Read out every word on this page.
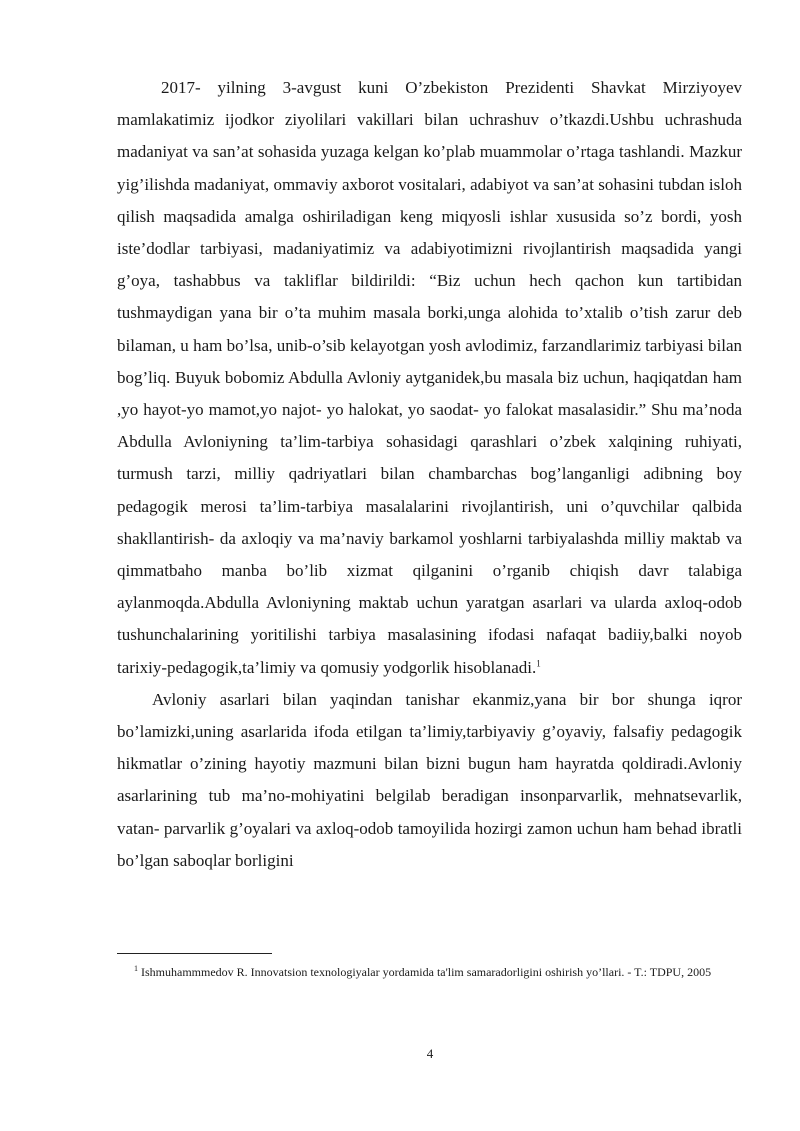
2017- yilning 3-avgust kuni O’zbekiston Prezidenti Shavkat Mirziyoyev mamlakatimiz ijodkor ziyolilari vakillari bilan uchrashuv o’tkazdi.Ushbu uchrashuda madaniyat va san’at sohasida yuzaga kelgan ko’plab muammolar o’rtaga tashlandi. Mazkur yig’ilishda madaniyat, ommaviy axborot vositalari, adabiyot va san’at sohasini tubdan isloh qilish maqsadida amalga oshiriladigan keng miqyosli ishlar xususida so’z bordi, yosh iste’dodlar tarbiyasi, madaniyatimiz va adabiyotimizni rivojlantirish maqsadida yangi g’oya, tashabbus va takliflar bildirildi: “Biz uchun hech qachon kun tartibidan tushmaydigan yana bir o’ta muhim masala borki,unga alohida to’xtalib o’tish zarur deb bilaman, u ham bo’lsa, unib-o’sib kelayotgan yosh avlodimiz, farzandlarimiz tarbiyasi bilan bog’liq. Buyuk bobomiz Abdulla Avloniy aytganidek,bu masala biz uchun, haqiqatdan ham ,yo hayot-yo mamot,yo najot- yo halokat, yo saodat- yo falokat masalasidir.” Shu ma’noda Abdulla Avloniyning ta’lim-tarbiya sohasidagi qarashlari o’zbek xalqining ruhiyati, turmush tarzi, milliy qadriyatlari bilan chambarchas bog’langanligi adibning boy pedagogik merosi ta’lim-tarbiya masalalarini rivojlantirish, uni o’quvchilar qalbida shakllantirish- da axloqiy va ma’naviy barkamol yoshlarni tarbiyalashda milliy maktab va qimmatbaho manba bo’lib xizmat qilganini o’rganib chiqish davr talabiga aylanmoqda.Abdulla Avloniyning maktab uchun yaratgan asarlari va ularda axloq-odob tushunchalarining yoritilishi tarbiya masalasining ifodasi nafaqat badiiy,balki noyob tarixiy-pedagogik,ta’limiy va qomusiy yodgorlik hisoblanadi.$^1$

Avloniy asarlari bilan yaqindan tanishar ekanmiz,yana bir bor shunga iqror bo’lamizki,uning asarlarida ifoda etilgan ta’limiy,tarbiyaviy g’oyaviy, falsafiy pedagogik hikmatlar o’zining hayotiy mazmuni bilan bizni bugun ham hayratda qoldiradi.Avloniy asarlarining tub ma’no-mohiyatini belgilab beradigan insonparvarlik, mehnatsevarlik, vatan- parvarlik g’oyalari va axloq-odob tamoyilida hozirgi zamon uchun ham behad ibratli bo’lgan saboqlar borligini

$^1$ Ishmuhammmedov R. Innovatsion texnologiyalar yordamida ta'lim samaradorligini oshirish yo’llari. - T.: TDPU, 2005
4
